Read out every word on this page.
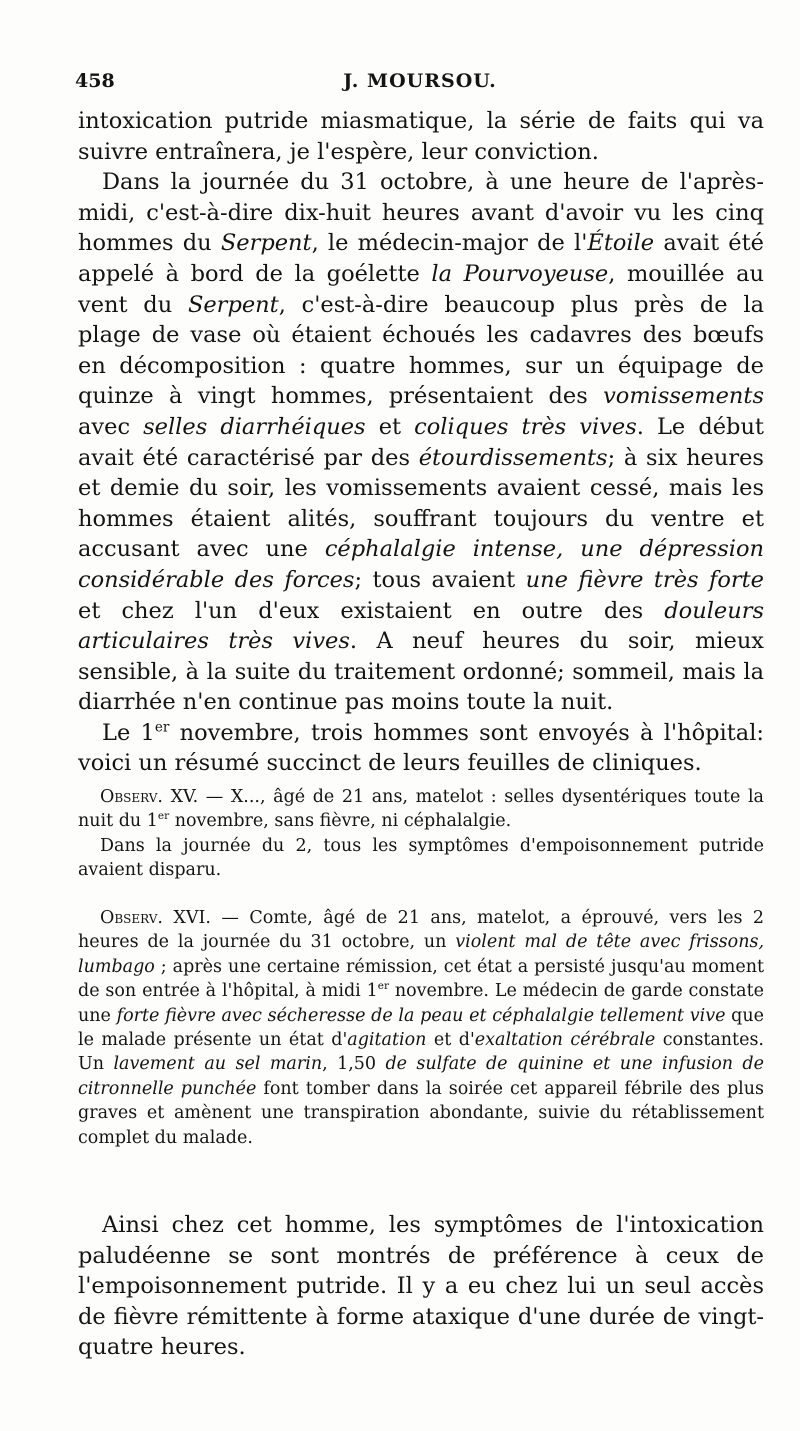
458	J. MOURSOU.

intoxication putride miasmatique, la série de faits qui va suivre entraînera, je l'espère, leur conviction.

Dans la journée du 31 octobre, à une heure de l'après-midi, c'est-à-dire dix-huit heures avant d'avoir vu les cinq hommes du Serpent, le médecin-major de l'Étoile avait été appelé à bord de la goélette la Pourvoyeuse, mouillée au vent du Serpent, c'est-à-dire beaucoup plus près de la plage de vase où étaient échoués les cadavres des bœufs en décomposition : quatre hommes, sur un équipage de quinze à vingt hommes, présentaient des vomissements avec selles diarrhéiques et coliques très vives. Le début avait été caractérisé par des étourdissements; à six heures et demie du soir, les vomissements avaient cessé, mais les hommes étaient alités, souffrant toujours du ventre et accusant avec une céphalalgie intense, une dépression considérable des forces; tous avaient une fièvre très forte et chez l'un d'eux existaient en outre des douleurs articulaires très vives. A neuf heures du soir, mieux sensible, à la suite du traitement ordonné; sommeil, mais la diarrhée n'en continue pas moins toute la nuit.

Le 1er novembre, trois hommes sont envoyés à l'hôpital: voici un résumé succinct de leurs feuilles de cliniques.

Observ. XV. — X..., âgé de 21 ans, matelot : selles dysentériques toute la nuit du 1er novembre, sans fièvre, ni céphalalgie.

Dans la journée du 2, tous les symptômes d'empoisonnement putride avaient disparu.

Observ. XVI. — Comte, âgé de 21 ans, matelot, a éprouvé, vers les 2 heures de la journée du 31 octobre, un violent mal de tête avec frissons, lumbago ; après une certaine rémission, cet état a persisté jusqu'au moment de son entrée à l'hôpital, à midi 1er novembre. Le médecin de garde constate une forte fièvre avec sécheresse de la peau et céphalalgie tellement vive que le malade présente un état d'agitation et d'exaltation cérébrale constantes. Un lavement au sel marin, 1,50 de sulfate de quinine et une infusion de citronnelle punchée font tomber dans la soirée cet appareil fébrile des plus graves et amènent une transpiration abondante, suivie du rétablissement complet du malade.

Ainsi chez cet homme, les symptômes de l'intoxication paludéenne se sont montrés de préférence à ceux de l'empoisonnement putride. Il y a eu chez lui un seul accès de fièvre rémittente à forme ataxique d'une durée de vingt-quatre heures.
